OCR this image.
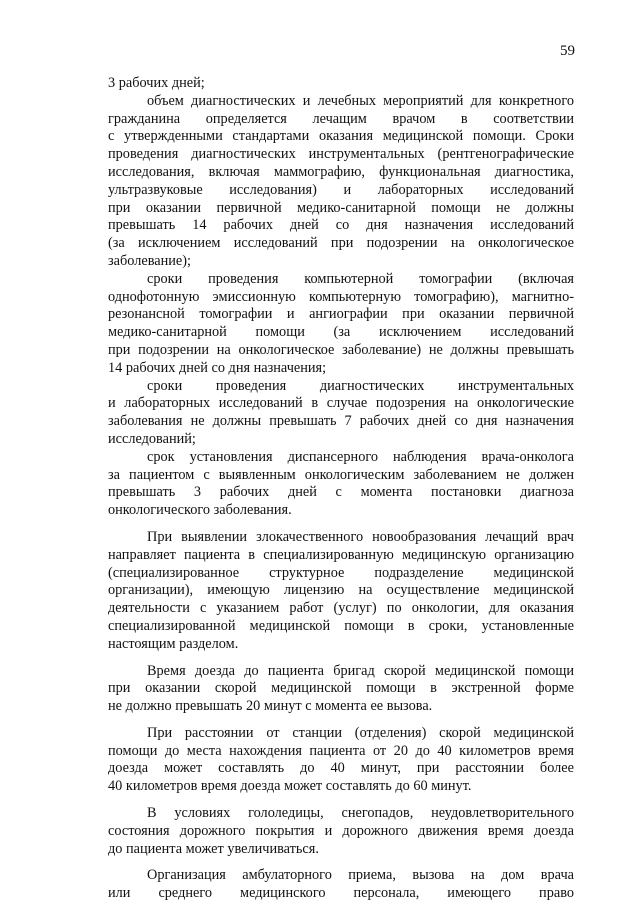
59

3 рабочих дней;

объем диагностических и лечебных мероприятий для конкретного
гражданина определяется лечащим врачом в соответствии
с утвержденными стандартами оказания медицинской помощи. Сроки
проведения диагностических инструментальных (рентгенографические
исследования, включая маммографию, функциональная диагностика,
ультразвуковые исследования) и лабораторных исследований
при оказании первичной медико-санитарной помощи не должны
превышать 14 рабочих дней со дня назначения исследований
(за исключением исследований при подозрении на онкологическое
заболевание);

сроки проведения компьютерной томографии (включая
однофотонную эмиссионную компьютерную томографию), магнитно-
резонансной томографии и ангиографии при оказании первичной
медико-санитарной помощи (за исключением исследований
при подозрении на онкологическое заболевание) не должны превышать
14 рабочих дней со дня назначения;

сроки проведения диагностических инструментальных
и лабораторных исследований в случае подозрения на онкологические
заболевания не должны превышать 7 рабочих дней со дня назначения
исследований;

срок установления диспансерного наблюдения врача-онколога
за пациентом с выявленным онкологическим заболеванием не должен
превышать 3 рабочих дней с момента постановки диагноза
онкологического заболевания.

При выявлении злокачественного новообразования лечащий врач
направляет пациента в специализированную медицинскую организацию
(специализированное структурное подразделение медицинской
организации), имеющую лицензию на осуществление медицинской
деятельности с указанием работ (услуг) по онкологии, для оказания
специализированной медицинской помощи в сроки, установленные
настоящим разделом.

Время доезда до пациента бригад скорой медицинской помощи
при оказании скорой медицинской помощи в экстренной форме
не должно превышать 20 минут с момента ее вызова.

При расстоянии от станции (отделения) скорой медицинской
помощи до места нахождения пациента от 20 до 40 километров время
доезда может составлять до 40 минут, при расстоянии более
40 километров время доезда может составлять до 60 минут.

В условиях гололедицы, снегопадов, неудовлетворительного
состояния дорожного покрытия и дорожного движения время доезда
до пациента может увеличиваться.

Организация амбулаторного приема, вызова на дом врача
или среднего медицинского персонала, имеющего право
